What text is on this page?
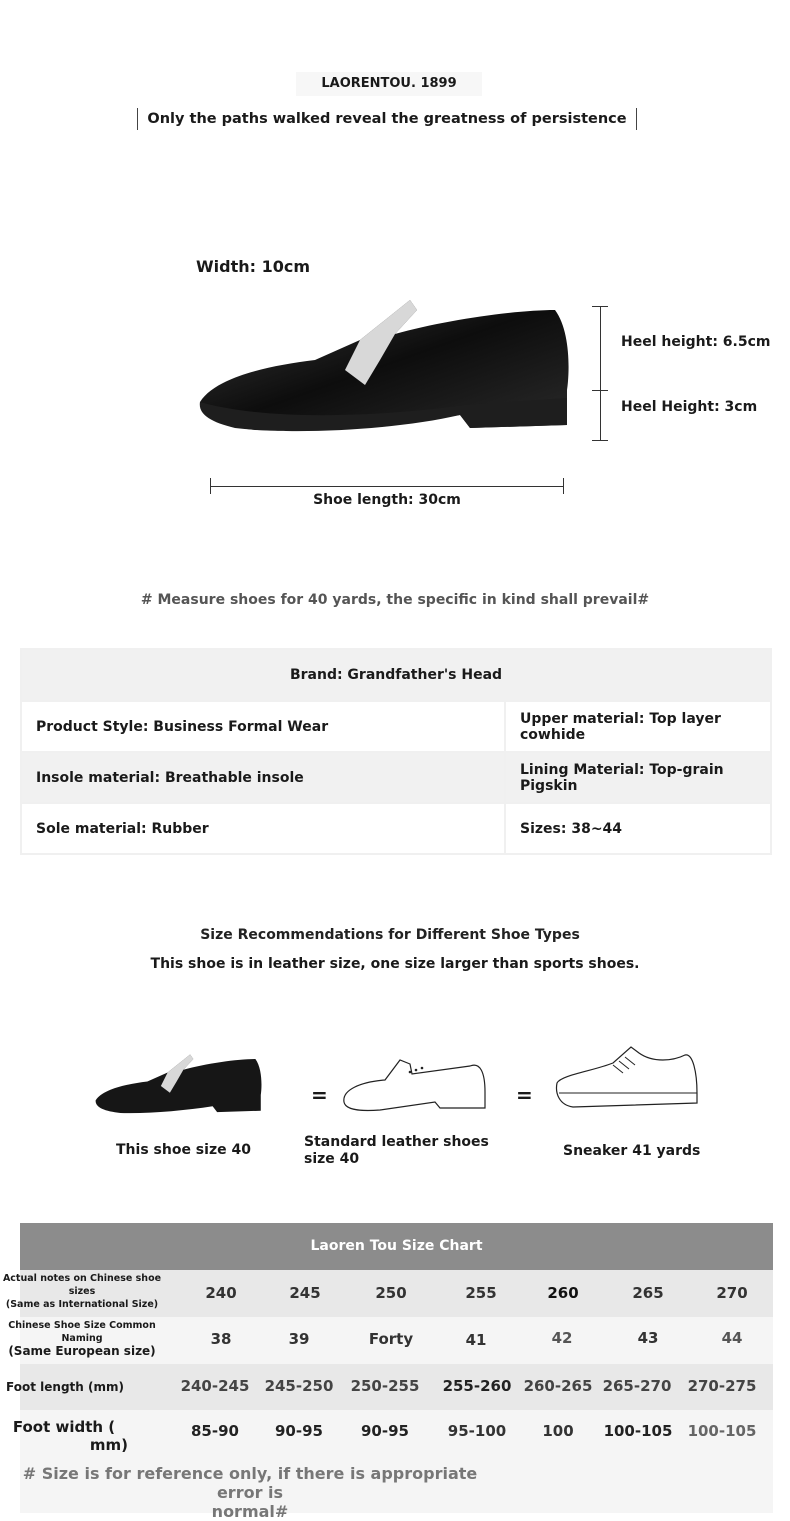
LAORENTOU. 1899
Only the paths walked reveal the greatness of persistence
Width: 10cm
Heel height: 6.5cm
Heel Height: 3cm
Shoe length: 30cm
# Measure shoes for 40 yards, the specific in kind shall prevail#
Brand: Grandfather's Head	
Product Style: Business Formal Wear	Upper material: Top layer cowhide
Insole material: Breathable insole	Lining Material: Top-grain Pigskin
Sole material: Rubber	Sizes: 38~44
Size Recommendations for Different Shoe Types
This shoe is in leather size, one size larger than sports shoes.
=	=
This shoe size 40	Standard leather shoes size 40	Sneaker 41 yards
Laoren Tou Size Chart
Actual notes on Chinese shoe
sizes
(Same as International Size)
240	245	250	255	260	265	270
Chinese Shoe Size Common
Naming
(Same European size)
38	39	Forty	41	42	43	44
Foot length (mm)	240-245	245-250	250-255	255-260 260-265 265-270	270-275
Foot width (
mm)
85-90	90-95	90-95	95-100	100	100-105	100-105
# Size is for reference only, if there is appropriate error is
normal#
